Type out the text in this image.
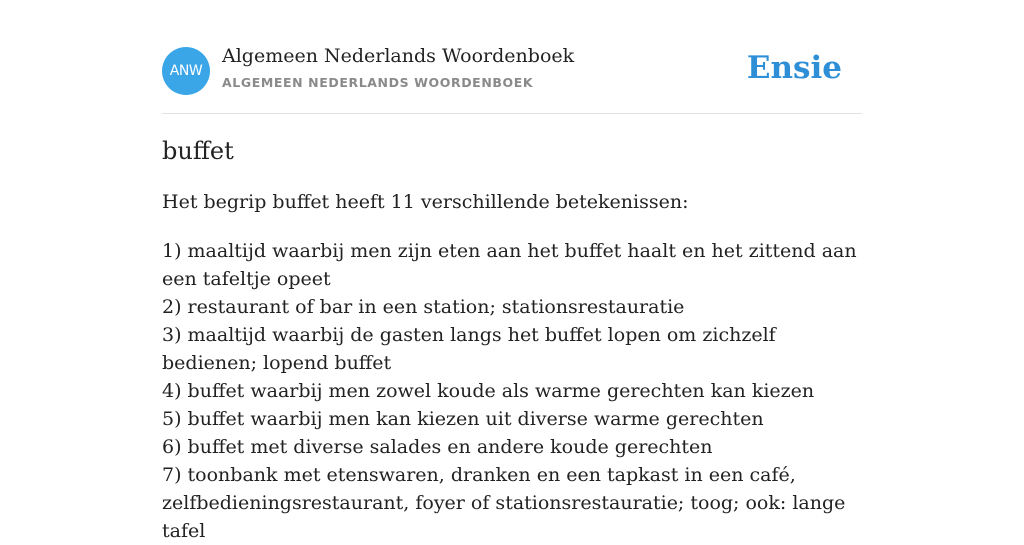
ANW
Algemeen Nederlands Woordenboek
ALGEMEEN NEDERLANDS WOORDENBOEK	Ensie
buffet

Het begrip buffet heeft 11 verschillende betekenissen:

1) maaltijd waarbij men zijn eten aan het buffet haalt en het zittend aan een tafeltje opeet
2) restaurant of bar in een station; stationsrestauratie
3) maaltijd waarbij de gasten langs het buffet lopen om zichzelf bedienen; lopend buffet
4) buffet waarbij men zowel koude als warme gerechten kan kiezen
5) buffet waarbij men kan kiezen uit diverse warme gerechten
6) buffet met diverse salades en andere koude gerechten
7) toonbank met etenswaren, dranken en een tapkast in een café, zelfbedieningsrestaurant, foyer of stationsrestauratie; toog; ook: lange tafel
